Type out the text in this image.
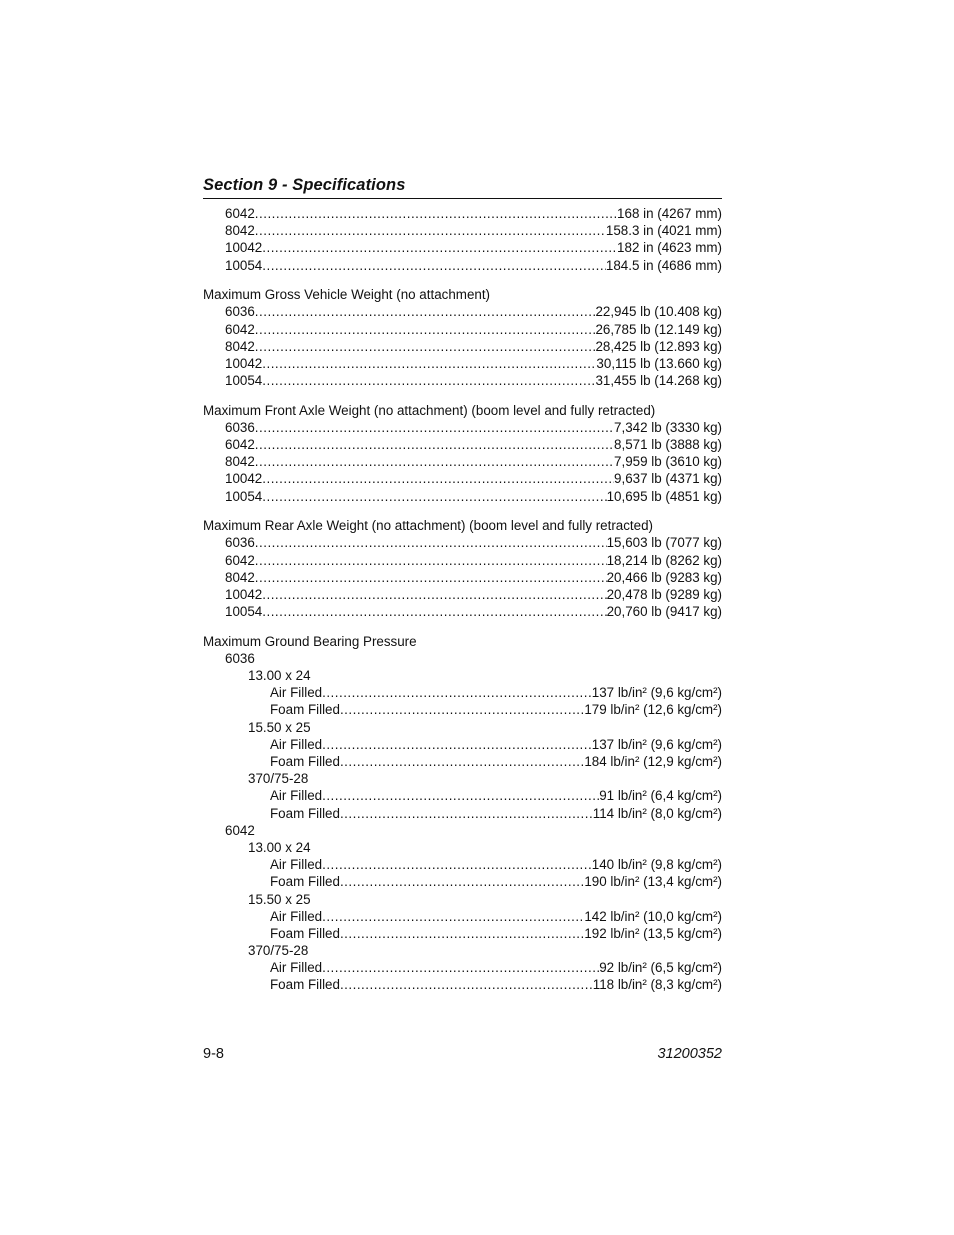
Section 9 - Specifications
6042 .....	168 in (4267 mm)
8042 .....	158.3 in (4021 mm)
10042 .....	182 in (4623 mm)
10054 .....	184.5 in (4686 mm)
Maximum Gross Vehicle Weight (no attachment)
6036 .....	22,945 lb (10.408 kg)
6042 .....	26,785 lb (12.149 kg)
8042 .....	28,425 lb (12.893 kg)
10042 .....	30,115 lb (13.660 kg)
10054 .....	31,455 lb (14.268 kg)
Maximum Front Axle Weight (no attachment) (boom level and fully retracted)
6036 .....	7,342 lb (3330 kg)
6042 .....	8,571 lb (3888 kg)
8042 .....	7,959 lb (3610 kg)
10042 .....	9,637 lb (4371 kg)
10054 .....	10,695 lb (4851 kg)
Maximum Rear Axle Weight (no attachment) (boom level and fully retracted)
6036 .....	15,603 lb (7077 kg)
6042 .....	18,214 lb (8262 kg)
8042 .....	20,466 lb (9283 kg)
10042 .....	20,478 lb (9289 kg)
10054 .....	20,760 lb (9417 kg)
Maximum Ground Bearing Pressure
6036
13.00 x 24
Air Filled .....	137 lb/in² (9,6 kg/cm²)
Foam Filled .....	179 lb/in² (12,6 kg/cm²)
15.50 x 25
Air Filled .....	137 lb/in² (9,6 kg/cm²)
Foam Filled .....	184 lb/in² (12,9 kg/cm²)
370/75-28
Air Filled .....	91 lb/in² (6,4 kg/cm²)
Foam Filled .....	114 lb/in² (8,0 kg/cm²)
6042
13.00 x 24
Air Filled .....	140 lb/in² (9,8 kg/cm²)
Foam Filled .....	190 lb/in² (13,4 kg/cm²)
15.50 x 25
Air Filled .....	142 lb/in² (10,0 kg/cm²)
Foam Filled .....	192 lb/in² (13,5 kg/cm²)
370/75-28
Air Filled .....	92 lb/in² (6,5 kg/cm²)
Foam Filled .....	118 lb/in² (8,3 kg/cm²)
9-8	31200352
